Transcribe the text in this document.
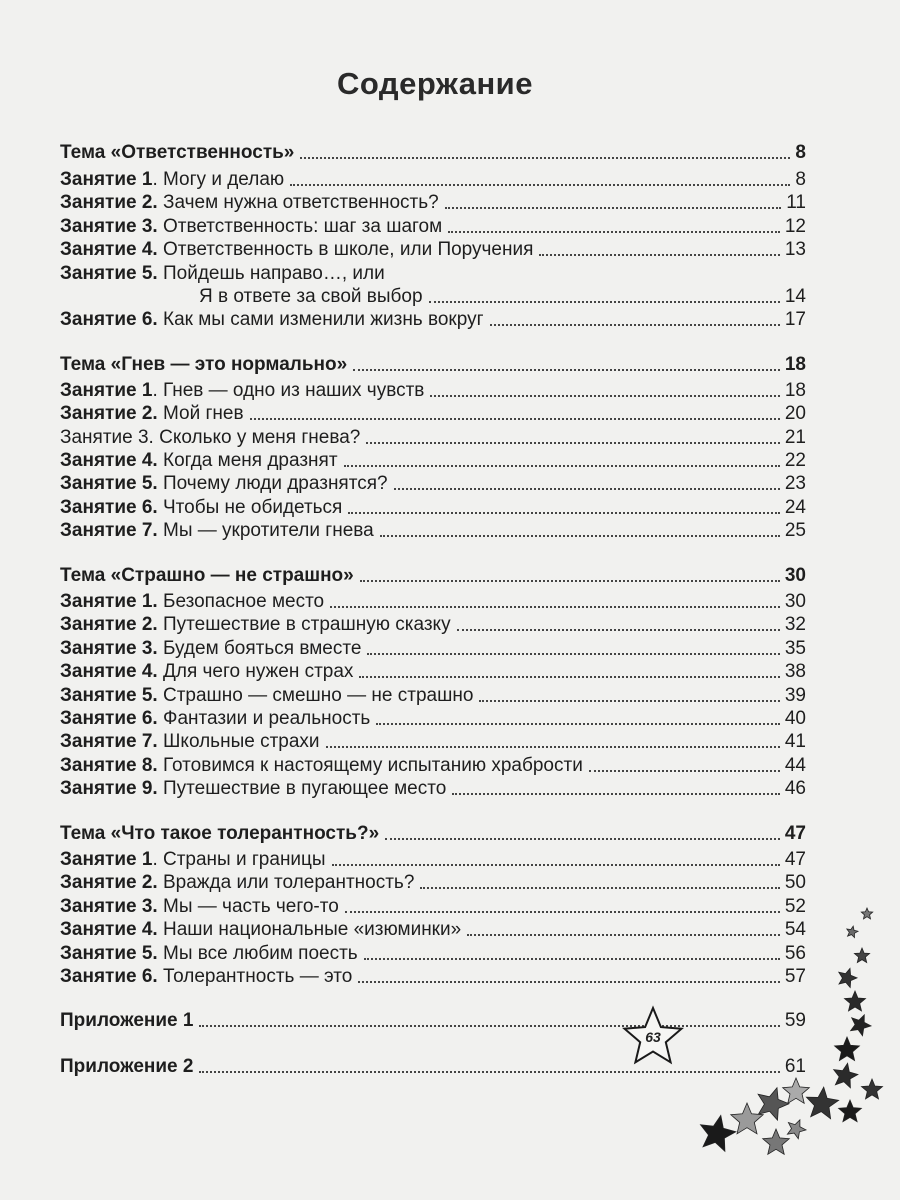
Содержание
Тема «Ответственность»	8
Занятие 1. Могу и делаю	8
Занятие 2. Зачем нужна ответственность?	11
Занятие 3. Ответственность: шаг за шагом	12
Занятие 4. Ответственность в школе, или Поручения	13
Занятие 5. Пойдешь направо…, или
Я в ответе за свой выбор	14
Занятие 6. Как мы сами изменили жизнь вокруг	17
Тема «Гнев — это нормально»	18
Занятие 1. Гнев — одно из наших чувств	18
Занятие 2. Мой гнев	20
Занятие 3. Сколько у меня гнева?	21
Занятие 4. Когда меня дразнят	22
Занятие 5. Почему люди дразнятся?	23
Занятие 6. Чтобы не обидеться	24
Занятие 7. Мы — укротители гнева	25
Тема «Страшно — не страшно»	30
Занятие 1. Безопасное место	30
Занятие 2. Путешествие в страшную сказку	32
Занятие 3. Будем бояться вместе	35
Занятие 4. Для чего нужен страх	38
Занятие 5. Страшно — смешно — не страшно	39
Занятие 6. Фантазии и реальность	40
Занятие 7. Школьные страхи	41
Занятие 8. Готовимся к настоящему испытанию храбрости	44
Занятие 9. Путешествие в пугающее место	46
Тема «Что такое толерантность?»	47
Занятие 1. Страны и границы	47
Занятие 2. Вражда или толерантность?	50
Занятие 3. Мы — часть чего-то	52
Занятие 4. Наши национальные «изюминки»	54
Занятие 5. Мы все любим поесть	56
Занятие 6. Толерантность — это	57
Приложение 1	59
Приложение 2	61
63
